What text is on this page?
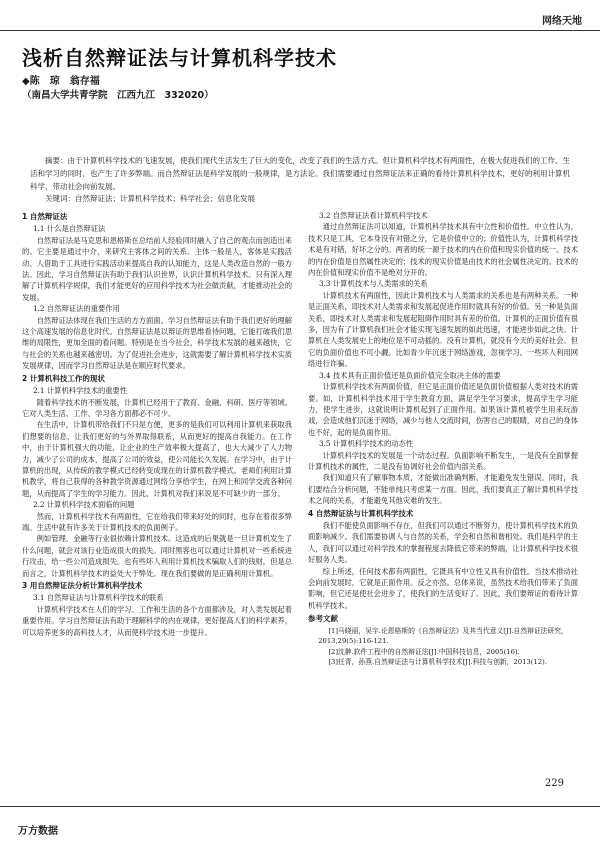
网络天地
浅析自然辩证法与计算机科学技术
◆陈　琼　翁存福
（南昌大学共青学院　江西九江　332020）
摘要：由于计算机科学技术的飞速发展，使我们现代生活发生了巨大的变化，改变了我们的生活方式。但计算机科学技术有两面性，在极大促进我们的工作、生活和学习的同时，也产生了许多弊端。而自然辩证法是科学发展的一般规律，是方法论。我们需要通过自然辩证法来正确的看待计算机科学技术，更好的利用计算机科学，带动社会向前发展。
关键词：自然辩证法；计算机科学技术；科学社会；信息化发展
1 自然辩证法
1.1 什么是自然辩证法
自然辩证法是马克思和恩格斯在总结前人经验同时融入了自己的观点而创造出来的。它主要是通过中介，来研究主客体之间的关系。主体一般是人，客体是实践活动、人借助于工具进行实践活动来提高自我的认知能力，这是人类改造自然的一般方法。因此，学习自然辩证法有助于我们认识世界，认识计算机科学技术。只有深入理解了计算机科学规律，我们才能更好的应用科学技术为社会做贡献，才能推动社会的发展。
1.2 自然辩证法的重要作用
自然辩证法体现在我们生活的方方面面。学习自然辩证法有助于我们更好的理解这个高速发展的信息化时代。自然辩证法是以辩证的思维看待问题，它能打破我们思维的局限性，更加全面的看问题。特别是在当今社会，科学技术发展的越来越快，它与社会的关系也越来越密切。为了促进社会进步，这就需要了解计算机科学技术实质发展规律，因而学习自然辩证法是在顺应时代要求。
2 计算机科技工作的现状
2.1 计算机科学技术的重要性
随着科学技术的不断发展，计算机已经用于了教育、金融、科研、医疗等领域。它对人类生活、工作、学习各方面都必不可少。
在生活中，计算机带给我们不只是方便，更多的是我们可以利用计算机来获取我们想要的信息，让我们更好的与外界取得联系，从而更好的提高自我能力。在工作中，由于计算机强大的功能，让企业的生产效率极大提高了，也大大减少了人力物力，减少了公司的成本，提高了公司的效益，使公司能长久发展。在学习中，由于计算机的出现，从传统的教学模式已经转变成现在的计算机教学模式。老师们利用计算机教学，将自己获得的各种教学资源通过网络分享给学生，在网上和同学交流各种问题，从而提高了学生的学习能力。因此，计算机对我们来说是不可缺少的一部分。
2.2 计算机科学技术面临的问题
然而，计算机科学技术有两面性，它在给我们带来好处的同时，也存在着很多弊端。生活中就有许多关于计算机技术的负面例子。
例如管理、金融等行业很依赖计算机技术。这造成的后果就是一旦计算机发生了什么问题，就会对该行业造成很大的损失。同时黑客也可以通过计算机对一些系统进行攻击，给一些公司造成损失。也有些坏人利用计算机技术骗取人们的钱财，但是总而言之，计算机科学技术的益处大于弊处。现在我们要做的是正确利用计算机。
3 用自然辩证法分析计算机科学技术
3.1 自然辩证法与计算机科学技术的联系
计算机科学技术在人们的学习、工作和生活的各个方面都涉及，对人类发展起着重要作用。学习自然辩证法有助于理解科学的内在规律，更好提高人们的科学素养，可以培养更多的高科技人才，从而使科学技术进一步提升。
3.2 自然辩证法看计算机科学技术
通过自然辩证法可以知道，计算机科学技术具有中立性和价值性。中立性认为，技术只是工具，它本身没有对错之分，它是价值中立的；价值性认为，计算机科学技术是有对错，好坏之分的。两者的统一源于技术的内在价值和现实价值的统一。技术的内在价值是自然属性决定的；技术的现实价值是由技术的社会属性决定的。技术的内在价值和现实价值不是绝对分开的。
3.3 计算机技术与人类需求的关系
计算机技术有两面性，因此计算机技术与人类需求的关系也是有两种关系。一种是正面关系，即技术对人类需求和发展起促进作用时就具有好的价值。另一种是负面关系，即技术对人类需求和发展起阻碍作用时具有差的价值。计算机的正面价值有很多，因为有了计算机我们社会才能实现飞速发展的如此迅速，才能进步如此之快。计算机在人类发展史上的地位是不可动摇的。没有计算机，就没有今天的美好社会。但它的负面价值也不可小觑。比如青少年沉迷于网络游戏，忽视学习。一些坏人利用网络进行诈骗。
3.4 技术具有正面价值还是负面价值完全取决主体的需要
计算机科学技术有两面价值，但它是正面价值还是负面价值根据人类对技术的需要。如，计算机科学技术用于学生教育方面，满足学生学习要求，提高学生学习能力，使学生进步，这就说明计算机起到了正面作用。如果该计算机被学生用来玩游戏，会造成他们沉迷于网络，减少与他人交流时间，伤害自己的眼睛，对自己的身体也不好，起的是负面作用。
3.5 计算机科学技术的动态性
计算机科学技术的发展是一个动态过程。负面影响不断发生，一是没有全面掌握计算机技术的属性，二是没有协调好社会价值内部关系。
我们知道只有了解事物本质，才能做出准确判断，才能避免发生错误。同时，我们要结合分析问题，不能单纯只考虑某一方面。因此，我们要真正了解计算机科学技术之间的关系，才能避免其他灾难的发生。
4 自然辩证法与计算机科学技术
我们不能使负面影响不存在，但我们可以通过不断努力，使计算机科学技术的负面影响减少。我们需要协调人与自然的关系，学会和自然和谐相处。我们是科学的主人，我们可以通过对科学技术的掌握程度去降低它带来的弊端，让计算机科学技术很好服务人类。
综上所述，任何技术都有两面性，它既具有中立性又具有价值性。当技术推动社会向前发展时，它就是正面作用。反之亦然。总体来说，虽然技术给我们带来了负面影响，但它还是使社会进步了，使我们的生活变好了。因此，我们要辩证的看待计算机科学技术。
参考文献
[1]马晓丽，吴宇.论恩格斯的《自然辩证法》及其当代意义[J].自然辩证法研究，2013,29(5):116-121.
[2]沈翀.软件工程中的自然辩证法[J].中国科技信息，2005(16).
[3]任青，孙燕.自然辩证法与计算机科学技术[J].科技与创新，2013(12).
229
万方数据
